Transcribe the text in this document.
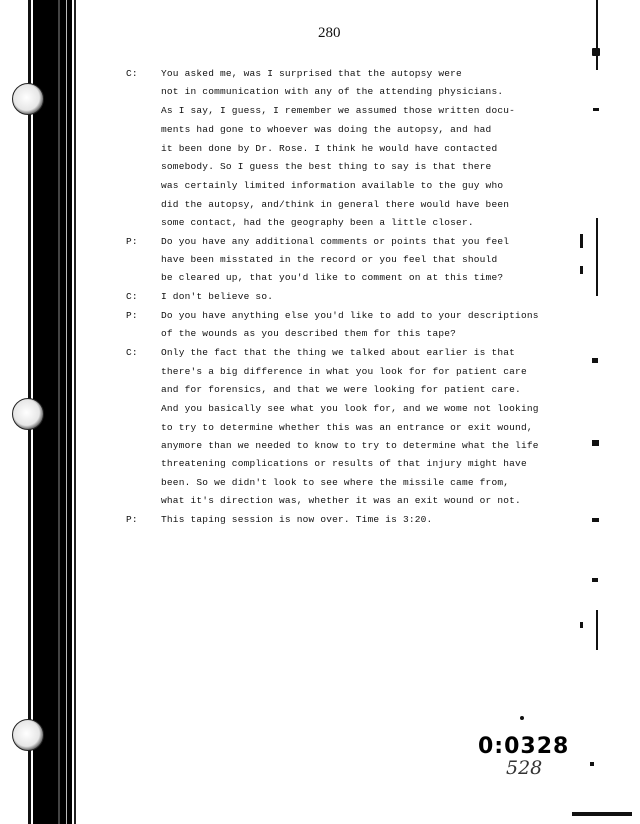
280
C: You asked me, was I surprised that the autopsy were
not in communication with any of the attending physicians.
As I say, I guess, I remember we assumed those written docu-
ments had gone to whoever was doing the autopsy, and had
it been done by Dr. Rose. I think he would have contacted
somebody. So I guess the best thing to say is that there
was certainly limited information available to the guy who
did the autopsy, and/think in general there would have been
some contact, had the geography been a little closer.
P: Do you have any additional comments or points that you feel
have been misstated in the record or you feel that should
be cleared up, that you'd like to comment on at this time?
C: I don't believe so.
P: Do you have anything else you'd like to add to your descriptions
of the wounds as you described them for this tape?
C: Only the fact that the thing we talked about earlier is that
there's a big difference in what you look for for patient care
and for forensics, and that we were looking for patient care.
And you basically see what you look for, and we wome not looking
to try to determine whether this was an entrance or exit wound,
anymore than we needed to know to try to determine what the life
threatening complications or results of that injury might have
been. So we didn't look to see where the missile came from,
what it's direction was, whether it was an exit wound or not.
P: This taping session is now over. Time is 3:20.
0:0328
528
